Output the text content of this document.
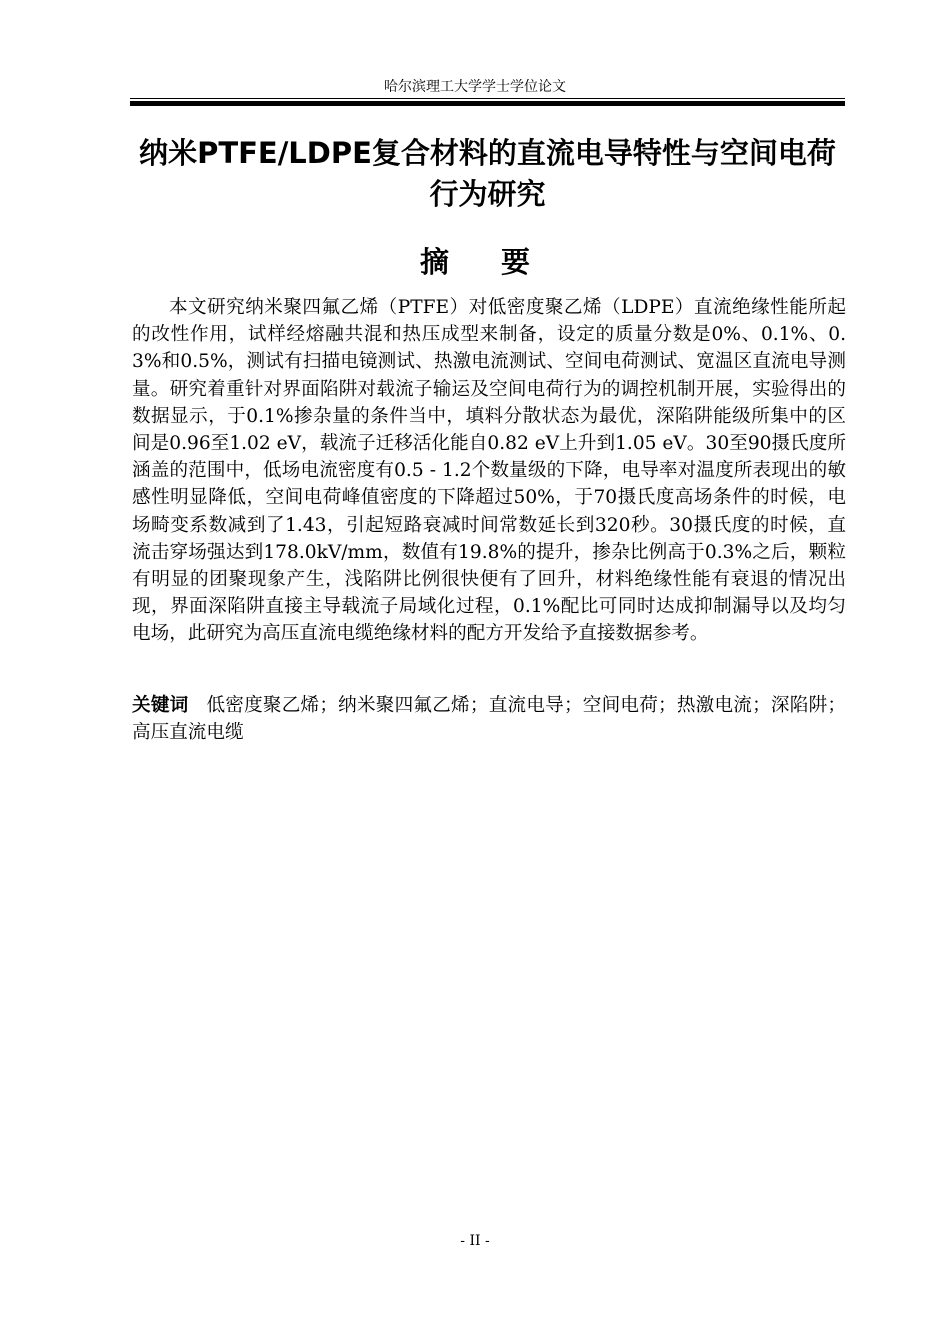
哈尔滨理工大学学士学位论文
纳米PTFE/LDPE复合材料的直流电导特性与空间电荷行为研究
摘要

本文研究纳米聚四氟乙烯（PTFE）对低密度聚乙烯（LDPE）直流绝缘性能所起的改性作用，试样经熔融共混和热压成型来制备，设定的质量分数是0%、0.1%、0.3%和0.5%，测试有扫描电镜测试、热激电流测试、空间电荷测试、宽温区直流电导测量。研究着重针对界面陷阱对载流子输运及空间电荷行为的调控机制开展，实验得出的数据显示，于0.1%掺杂量的条件当中，填料分散状态为最优，深陷阱能级所集中的区间是0.96至1.02 eV，载流子迁移活化能自0.82 eV上升到1.05 eV。30至90摄氏度所涵盖的范围中，低场电流密度有0.5 - 1.2个数量级的下降，电导率对温度所表现出的敏感性明显降低，空间电荷峰值密度的下降超过50%，于70摄氏度高场条件的时候，电场畸变系数减到了1.43，引起短路衰减时间常数延长到320秒。30摄氏度的时候，直流击穿场强达到178.0kV/mm，数值有19.8%的提升，掺杂比例高于0.3%之后，颗粒有明显的团聚现象产生，浅陷阱比例很快便有了回升，材料绝缘性能有衰退的情况出现，界面深陷阱直接主导载流子局域化过程，0.1%配比可同时达成抑制漏导以及均匀电场，此研究为高压直流电缆绝缘材料的配方开发给予直接数据参考。

关键词 低密度聚乙烯；纳米聚四氟乙烯；直流电导；空间电荷；热激电流；深陷阱；高压直流电缆

- II -
